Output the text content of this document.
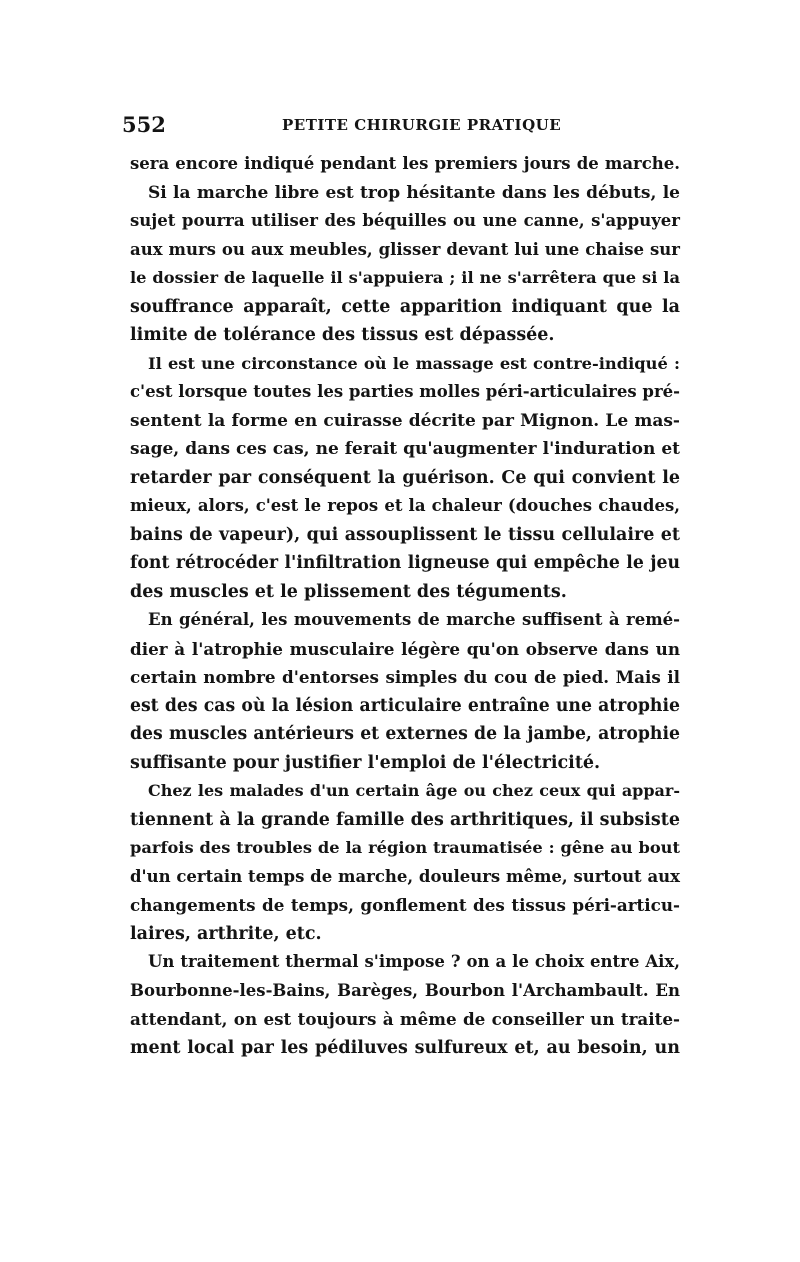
552	PETITE CHIRURGIE PRATIQUE
sera encore indiqué pendant les premiers jours de marche.
Si la marche libre est trop hésitante dans les débuts, le
sujet pourra utiliser des béquilles ou une canne, s'appuyer
aux murs ou aux meubles, glisser devant lui une chaise sur
le dossier de laquelle il s'appuiera ; il ne s'arrêtera que si la
souffrance apparaît, cette apparition indiquant que la
limite de tolérance des tissus est dépassée.
Il est une circonstance où le massage est contre-indiqué :
c'est lorsque toutes les parties molles péri-articulaires pré-
sentent la forme en cuirasse décrite par Mignon. Le mas-
sage, dans ces cas, ne ferait qu'augmenter l'induration et
retarder par conséquent la guérison. Ce qui convient le
mieux, alors, c'est le repos et la chaleur (douches chaudes,
bains de vapeur), qui assouplissent le tissu cellulaire et
font rétrocéder l'infiltration ligneuse qui empêche le jeu
des muscles et le plissement des téguments.
En général, les mouvements de marche suffisent à remé-
dier à l'atrophie musculaire légère qu'on observe dans un
certain nombre d'entorses simples du cou de pied. Mais il
est des cas où la lésion articulaire entraîne une atrophie
des muscles antérieurs et externes de la jambe, atrophie
suffisante pour justifier l'emploi de l'électricité.
Chez les malades d'un certain âge ou chez ceux qui appar-
tiennent à la grande famille des arthritiques, il subsiste
parfois des troubles de la région traumatisée : gêne au bout
d'un certain temps de marche, douleurs même, surtout aux
changements de temps, gonflement des tissus péri-articu-
laires, arthrite, etc.
Un traitement thermal s'impose ? on a le choix entre Aix,
Bourbonne-les-Bains, Barèges, Bourbon l'Archambault. En
attendant, on est toujours à même de conseiller un traite-
ment local par les pédiluves sulfureux et, au besoin, un
